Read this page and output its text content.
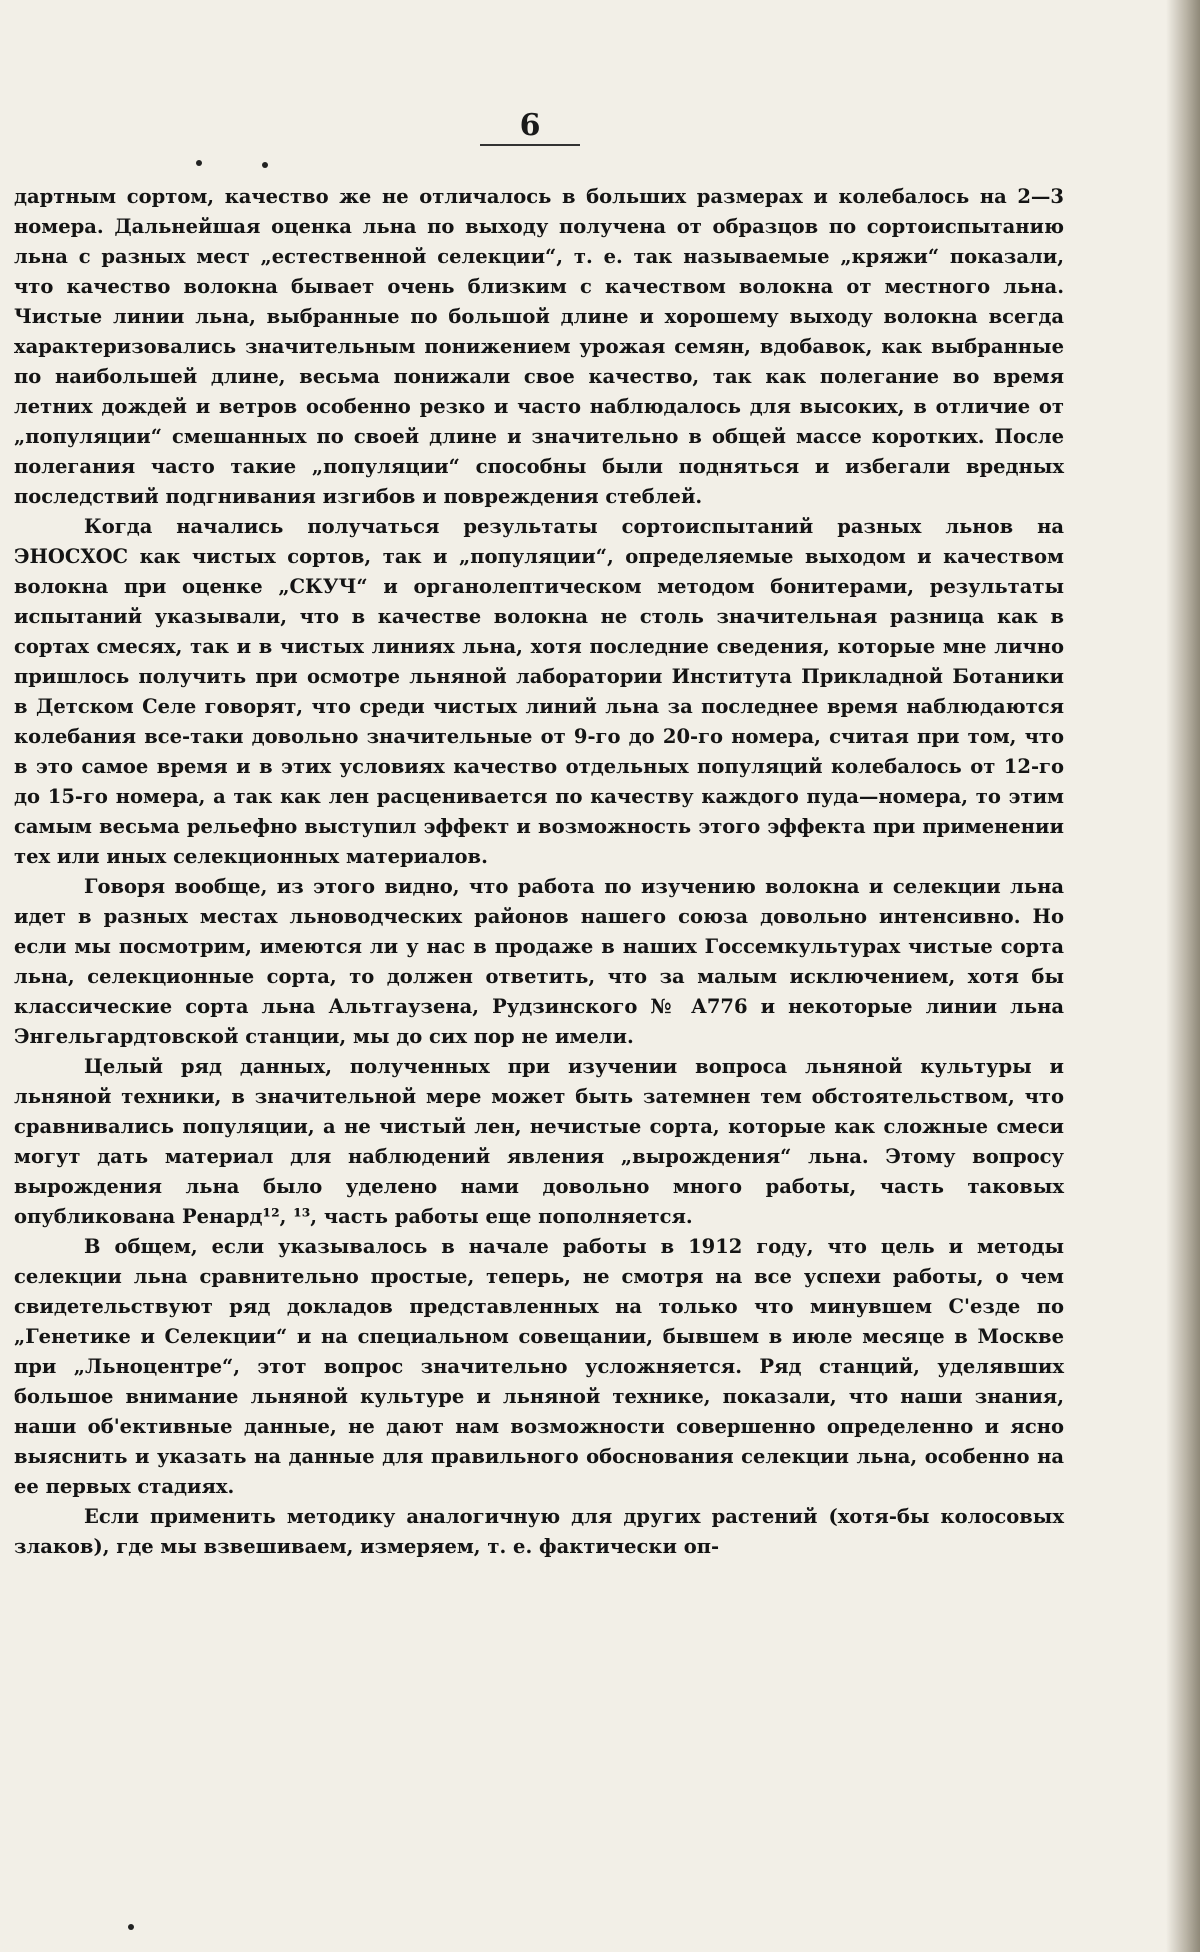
6

дартным сортом, качество же не отличалось в больших размерах и колебалось на 2—3 номера. Дальнейшая оценка льна по выходу получена от образцов по сортоиспытанию льна с разных мест „естественной селекции“, т. е. так называемые „кряжи“ показали, что качество волокна бывает очень близким с качеством волокна от местного льна. Чистые линии льна, выбранные по большой длине и хорошему выходу волокна всегда характеризовались значительным понижением урожая семян, вдобавок, как выбранные по наибольшей длине, весьма понижали свое качество, так как полегание во время летних дождей и ветров особенно резко и часто наблюдалось для высоких, в отличие от „популяции“ смешанных по своей длине и значительно в общей массе коротких. После полегания часто такие „популяции“ способны были подняться и избегали вредных последствий подгнивания изгибов и повреждения стеблей.

Когда начались получаться результаты сортоиспытаний разных льнов на ЭНОСХОС как чистых сортов, так и „популяции“, определяемые выходом и качеством волокна при оценке „СКУЧ“ и органолептическом методом бонитерами, результаты испытаний указывали, что в качестве волокна не столь значительная разница как в сортах смесях, так и в чистых линиях льна, хотя последние сведения, которые мне лично пришлось получить при осмотре льняной лаборатории Института Прикладной Ботаники в Детском Селе говорят, что среди чистых линий льна за последнее время наблюдаются колебания все-таки довольно значительные от 9-го до 20-го номера, считая при том, что в это самое время и в этих условиях качество отдельных популяций колебалось от 12-го до 15-го номера, а так как лен расценивается по качеству каждого пуда—номера, то этим самым весьма рельефно выступил эффект и возможность этого эффекта при применении тех или иных селекционных материалов.

Говоря вообще, из этого видно, что работа по изучению волокна и селекции льна идет в разных местах льноводческих районов нашего союза довольно интенсивно. Но если мы посмотрим, имеются ли у нас в продаже в наших Госсемкультурах чистые сорта льна, селекционные сорта, то должен ответить, что за малым исключением, хотя бы классические сорта льна Альтгаузена, Рудзинского № А776 и некоторые линии льна Энгельгардтовской станции, мы до сих пор не имели.

Целый ряд данных, полученных при изучении вопроса льняной культуры и льняной техники, в значительной мере может быть затемнен тем обстоятельством, что сравнивались популяции, а не чистый лен, нечистые сорта, которые как сложные смеси могут дать материал для наблюдений явления „вырождения“ льна. Этому вопросу вырождения льна было уделено нами довольно много работы, часть таковых опубликована Ренард¹², ¹³, часть работы еще пополняется.

В общем, если указывалось в начале работы в 1912 году, что цель и методы селекции льна сравнительно простые, теперь, не смотря на все успехи работы, о чем свидетельствуют ряд докладов представленных на только что минувшем С'езде по „Генетике и Селекции“ и на специальном совещании, бывшем в июле месяце в Москве при „Льноцентре“, этот вопрос значительно усложняется. Ряд станций, уделявших большое внимание льняной культуре и льняной технике, показали, что наши знания, наши об'ективные данные, не дают нам возможности совершенно определенно и ясно выяснить и указать на данные для правильного обоснования селекции льна, особенно на ее первых стадиях.

Если применить методику аналогичную для других растений (хотя-бы колосовых злаков), где мы взвешиваем, измеряем, т. е. фактически оп-
